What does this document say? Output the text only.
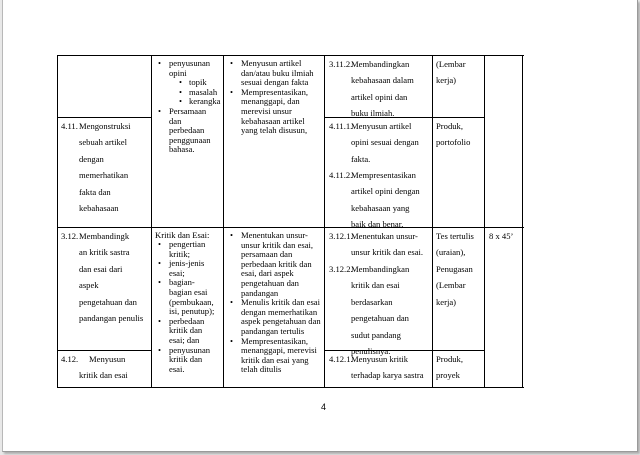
4.11. Mengonstruksi
sebuah artikel
dengan
memerhatikan
fakta dan
kebahasaan
• penyusunan
opini
• topik
• masalah
• kerangka
• Persamaan
dan
perbedaan
penggunaan
bahasa.
• Menyusun artikel
dan/atau buku ilmiah
sesuai dengan fakta
• Mempresentasikan,
menanggapi, dan
merevisi unsur
kebahasaan artikel
yang telah disusun,
3.11.2.
Membandingkan
kebahasaan dalam
artikel opini dan
buku ilmiah.
(Lembar
kerja)
4.11.1.
Menyusun artikel
opini sesuai dengan
fakta.
4.11.2.
Mempresentasikan
artikel opini dengan
kebahasaan yang
baik dan benar,
Produk,
portofolio
3.12. Membandingk
an kritik sastra
dan esai dari
aspek
pengetahuan dan
pandangan penulis
Kritik dan Esai:
• pengertian
kritik;
• jenis-jenis
esai;
• bagian-
bagian esai
(pembukaan,
isi, penutup);
• perbedaan
kritik dan
esai; dan
• penyusunan
kritik dan
esai.
• Menentukan unsur-
unsur kritik dan esai,
persamaan dan
perbedaan kritik dan
esai, dari aspek
pengetahuan dan
pandangan
• Menulis kritik dan esai
dengan memerhatikan
aspek pengetahuan dan
pandangan tertulis
• Mempresentasikan,
menanggapi, merevisi
kritik dan esai yang
telah ditulis
3.12.1.
Menentukan unsur-
unsur kritik dan esai.
3.12.2.
Membandingkan
kritik dan esai
berdasarkan
pengetahuan dan
sudut pandang
penulisnya.
Tes tertulis
(uraian),
Penugasan
(Lembar
kerja)
8 x 45’
4.12. Menyusun
kritik dan esai
4.12.1.
Menyusun kritik
terhadap karya sastra
Produk,
proyek
4
